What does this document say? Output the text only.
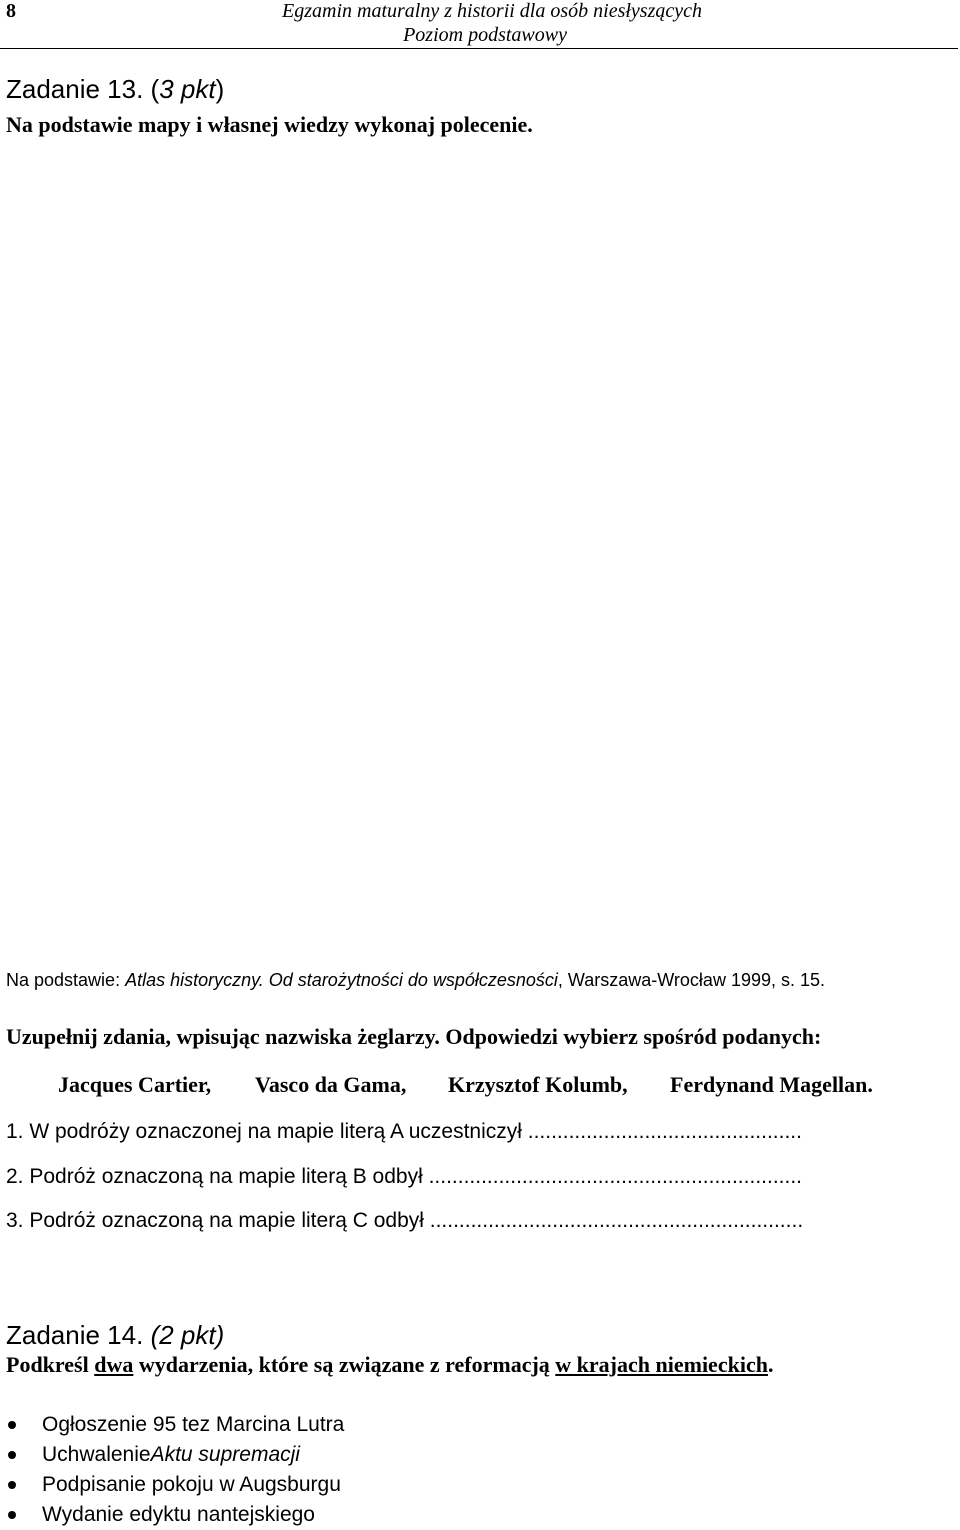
8	Egzamin maturalny z historii dla osób niesłyszących
Poziom podstawowy
Zadanie 13. (3 pkt)
Na podstawie mapy i własnej wiedzy wykonaj polecenie.
Na podstawie: Atlas historyczny. Od starożytności do współczesności, Warszawa-Wrocław 1999, s. 15.
Uzupełnij zdania, wpisując nazwiska żeglarzy. Odpowiedzi wybierz spośród podanych:
Jacques Cartier,	Vasco da Gama,	Krzysztof Kolumb,	Ferdynand Magellan.
1. W podróży oznaczonej na mapie literą A uczestniczył ...............................................
2. Podróż oznaczoną na mapie literą B odbył ................................................................
3. Podróż oznaczoną na mapie literą C odbył ................................................................
Zadanie 14. (2 pkt)
Podkreśl dwa wydarzenia, które są związane z reformacją w krajach niemieckich.
Ogłoszenie 95 tez Marcina Lutra
Uchwalenie Aktu supremacji
Podpisanie pokoju w Augsburgu
Wydanie edyktu nantejskiego
